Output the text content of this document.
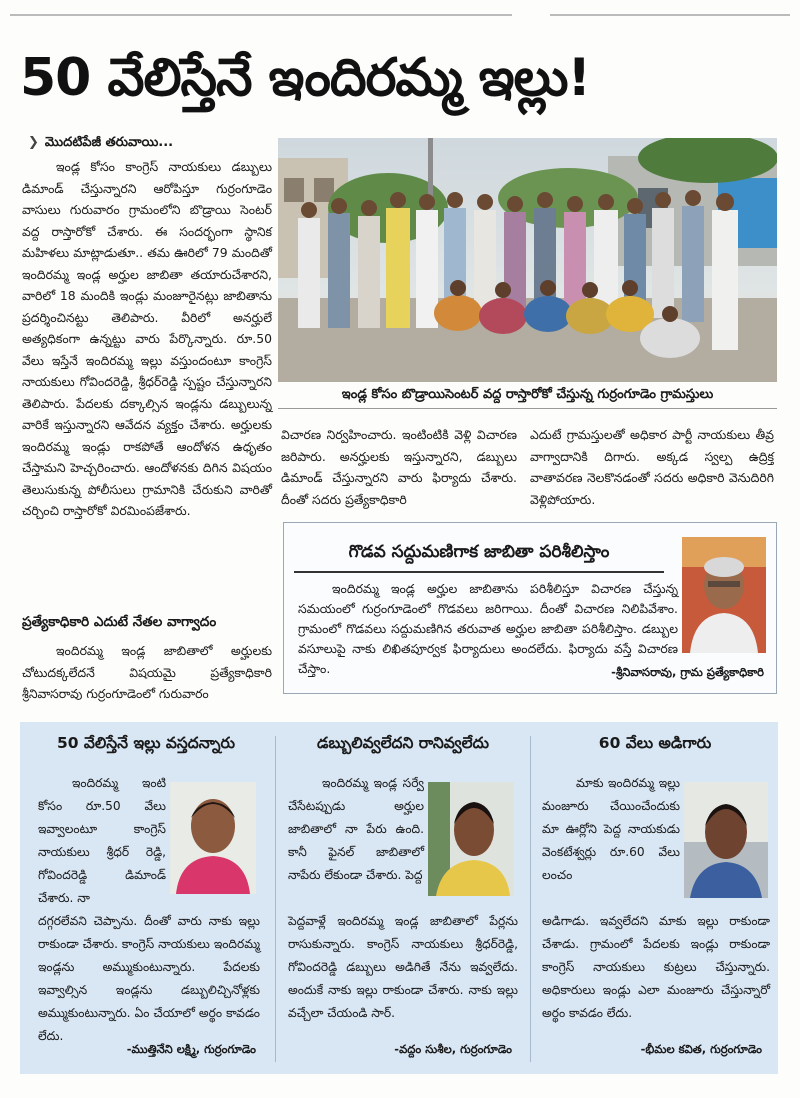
50 వేలిస్తేనే ఇందిరమ్మ ఇల్లు!
❯ మొదటిపేజీ తరువాయి...

ఇండ్ల కోసం కాంగ్రెస్ నాయకులు డబ్బులు డిమాండ్ చేస్తున్నారని ఆరోపిస్తూ గుర్రంగూడెం వాసులు గురువారం గ్రామంలోని బొడ్రాయి సెంటర్ వద్ద రాస్తారోకో చేశారు. ఈ సందర్భంగా స్థానిక మహిళలు మాట్లాడుతూ.. తమ ఊరిలో 79 మందితో ఇందిరమ్మ ఇండ్ల అర్హుల జాబితా తయారుచేశారని, వారిలో 18 మందికి ఇండ్లు మంజూరైనట్లు జాబితాను ప్రదర్శించినట్టు తెలిపారు. వీరిలో అనర్హులే అత్యధికంగా ఉన్నట్టు వారు పేర్కొన్నారు. రూ.50 వేలు ఇస్తేనే ఇందిరమ్మ ఇల్లు వస్తుందంటూ కాంగ్రెస్ నాయకులు గోవిందరెడ్డి, శ్రీధర్‌రెడ్డి స్పష్టం చేస్తున్నారని తెలిపారు. పేదలకు దక్కాల్సిన ఇండ్లను డబ్బులున్న వారికే ఇస్తున్నారని ఆవేదన వ్యక్తం చేశారు. అర్హులకు ఇందిరమ్మ ఇండ్లు రాకపోతే ఆందోళన ఉధృతం చేస్తామని హెచ్చరించారు. ఆందోళనకు దిగిన విషయం తెలుసుకున్న పోలీసులు గ్రామానికి చేరుకుని వారితో చర్చించి రాస్తారోకో విరమింపజేశారు.

ప్రత్యేకాధికారి ఎదుటే నేతల వాగ్వాదం

ఇందిరమ్మ ఇండ్ల జాబితాలో అర్హులకు చోటుదక్కలేదనే విషయమై ప్రత్యేకాధికారి శ్రీనివాసరావు గుర్రంగూడెంలో గురువారం

ఇండ్ల కోసం బొడ్రాయిసెంటర్ వద్ద రాస్తారోకో చేస్తున్న గుర్రంగూడెం గ్రామస్తులు

విచారణ నిర్వహించారు. ఇంటింటికి వెళ్లి విచారణ జరిపారు. అనర్హులకు ఇస్తున్నారని, డబ్బులు డిమాండ్ చేస్తున్నారని వారు ఫిర్యాదు చేశారు. దీంతో సదరు ప్రత్యేకాధికారి

ఎదుటే గ్రామస్తులతో అధికార పార్టీ నాయకులు తీవ్ర వాగ్వాదానికి దిగారు. అక్కడ స్వల్ప ఉద్రిక్త వాతావరణ నెలకొనడంతో సదరు అధికారి వెనుదిరిగి వెళ్లిపోయారు.

గొడవ సద్దుమణిగాక జాబితా పరిశీలిస్తాం

ఇందిరమ్మ ఇండ్ల అర్హుల జాబితాను పరిశీలిస్తూ విచారణ చేస్తున్న సమయంలో గుర్రంగూడెంలో గొడవలు జరిగాయి. దీంతో విచారణ నిలిపివేశాం. గ్రామంలో గొడవలు సద్దుమణిగిన తరువాత అర్హుల జాబితా పరిశీలిస్తాం. డబ్బుల వసూలుపై నాకు లిఖితపూర్వక ఫిర్యాదులు అందలేదు. ఫిర్యాదు వస్తే విచారణ చేస్తాం.	-శ్రీనివాసరావు, గ్రామ ప్రత్యేకాధికారి
50 వేలిస్తేనే ఇల్లు వస్తదన్నారు

ఇందిరమ్మ ఇంటి కోసం రూ.50 వేలు ఇవ్వాలంటూ కాంగ్రెస్ నాయకులు శ్రీధర్ రెడ్డి, గోవిందరెడ్డి డిమాండ్ చేశారు. నా

దగ్గరలేవని చెప్పాను. దీంతో వారు నాకు ఇల్లు రాకుండా చేశారు. కాంగ్రెస్ నాయకులు ఇందిరమ్మ ఇండ్లను అమ్ముకుంటున్నారు. పేదలకు ఇవ్వాల్సిన ఇండ్లను డబ్బులిచ్చినోళ్లకు అమ్ముకుంటున్నారు. ఏం చేయాలో అర్థం కావడం లేదు.

-ముత్తినేని లక్ష్మి, గుర్రంగూడెం
డబ్బులివ్వలేదని రానివ్వలేదు

ఇందిరమ్మ ఇండ్ల సర్వే చేసేటప్పుడు అర్హుల జాబితాలో నా పేరు ఉంది. కానీ ఫైనల్ జాబితాలో నాపేరు లేకుండా చేశారు. పెద్ద

పెద్దవాళ్లే ఇందిరమ్మ ఇండ్ల జాబితాలో పేర్లను రాసుకున్నారు. కాంగ్రెస్ నాయకులు శ్రీధర్‌రెడ్డి, గోవిందరెడ్డి డబ్బులు అడిగితే నేను ఇవ్వలేదు. అందుకే నాకు ఇల్లు రాకుండా చేశారు. నాకు ఇల్లు వచ్చేలా చేయండి సార్.

-వద్దం సుశీల, గుర్రంగూడెం
60 వేలు అడిగారు

మాకు ఇందిరమ్మ ఇల్లు మంజూరు చేయించేందుకు మా ఊర్లోని పెద్ద నాయకుడు వెంకటేశ్వర్లు రూ.60 వేలు లంచం

అడిగాడు. ఇవ్వలేదని మాకు ఇల్లు రాకుండా చేశాడు. గ్రామంలో పేదలకు ఇండ్లు రాకుండా కాంగ్రెస్ నాయకులు కుట్రలు చేస్తున్నారు. అధికారులు ఇండ్లు ఎలా మంజూరు చేస్తున్నారో అర్థం కావడం లేదు.

-భీమల కవిత, గుర్రంగూడెం
